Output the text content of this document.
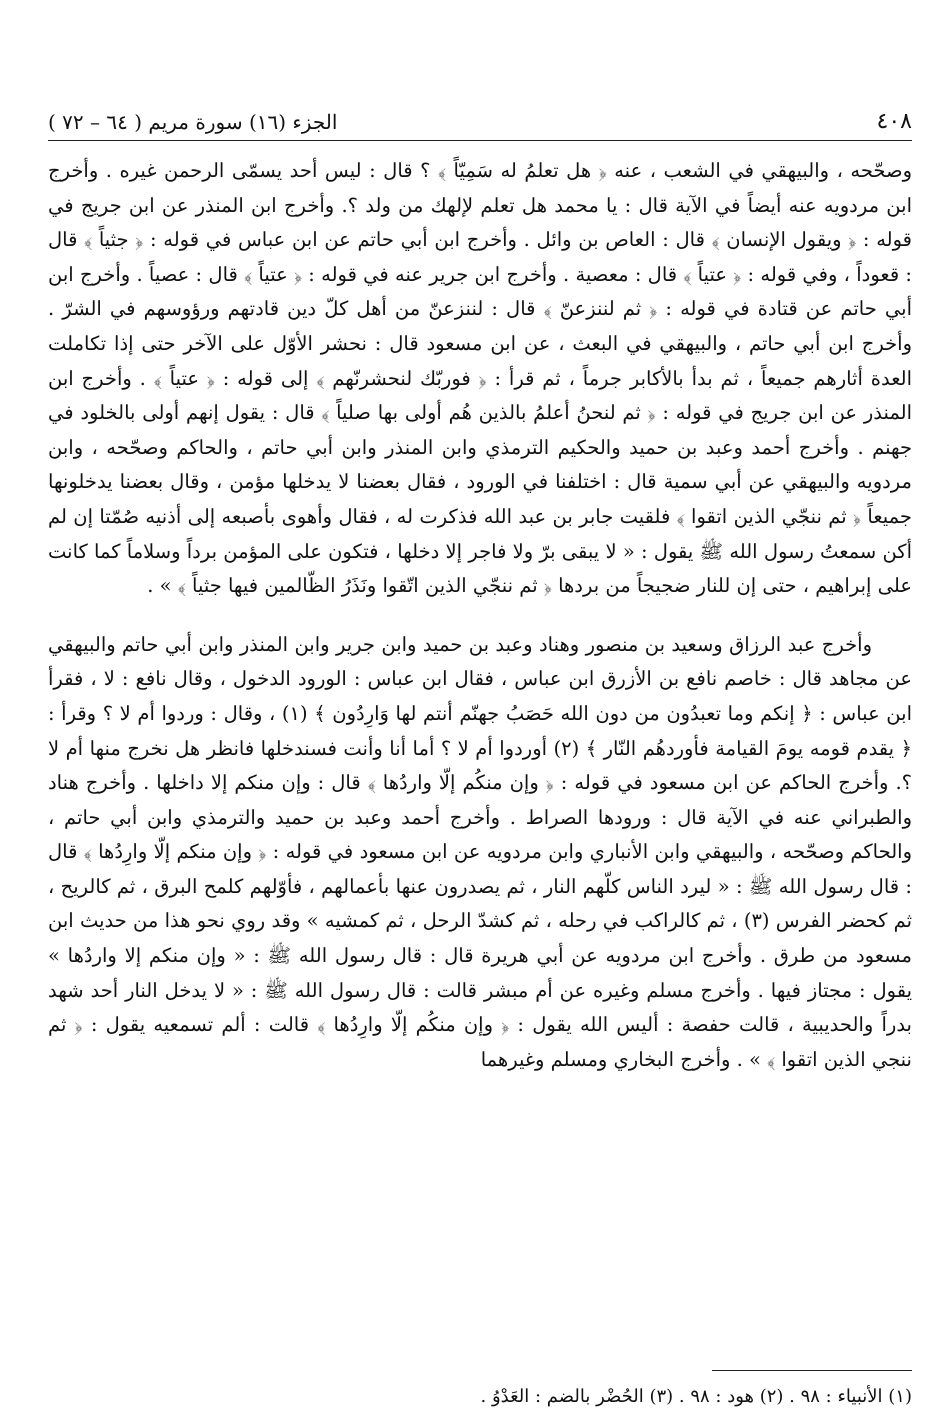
٤٠٨
الجزء (١٦) سورة مريم ( ٦٤ – ٧٢ )

وصحّحه ، والبيهقي في الشعب ، عنه ﴿ هل تعلمُ له سَمِيّاً ﴾ ؟ قال : ليس أحد يسمّى الرحمن غيره . وأخرج ابن مردويه عنه أيضاً في الآية قال : يا محمد هل تعلم لإلهك من ولد ؟. وأخرج ابن المنذر عن ابن جريج في قوله : ﴿ ويقول الإنسان ﴾ قال : العاص بن وائل . وأخرج ابن أبي حاتم عن ابن عباس في قوله : ﴿ جثياً ﴾ قال : قعوداً ، وفي قوله : ﴿ عتياً ﴾ قال : معصية . وأخرج ابن جرير عنه في قوله : ﴿ عتياً ﴾ قال : عصياً . وأخرج ابن أبي حاتم عن قتادة في قوله : ﴿ ثم لننزعنّ ﴾ قال : لننزعنّ من أهل كلّ دين قادتهم ورؤوسهم في الشرّ . وأخرج ابن أبي حاتم ، والبيهقي في البعث ، عن ابن مسعود قال : نحشر الأوّل على الآخر حتى إذا تكاملت العدة أثارهم جميعاً ، ثم بدأ بالأكابر جرماً ، ثم قرأ : ﴿ فوربّك لنحشرنّهم ﴾ إلى قوله : ﴿ عتياً ﴾ . وأخرج ابن المنذر عن ابن جريج في قوله : ﴿ ثم لنحنُ أعلمُ بالذين هُم أولى بها صلياً ﴾ قال : يقول إنهم أولى بالخلود في جهنم . وأخرج أحمد وعبد بن حميد والحكيم الترمذي وابن المنذر وابن أبي حاتم ، والحاكم وصحّحه ، وابن مردويه والبيهقي عن أبي سمية قال : اختلفنا في الورود ، فقال بعضنا لا يدخلها مؤمن ، وقال بعضنا يدخلونها جميعاً ﴿ ثم ننجّي الذين اتقوا ﴾ فلقيت جابر بن عبد الله فذكرت له ، فقال وأهوى بأصبعه إلى أذنيه صُمّتا إن لم أكن سمعتُ رسول الله ﷺ يقول : « لا يبقى برّ ولا فاجر إلا دخلها ، فتكون على المؤمن برداً وسلاماً كما كانت على إبراهيم ، حتى إن للنار ضجيجاً من بردها ﴿ ثم ننجّي الذين اتّقوا ونَذَرُ الظّالمين فيها جثياً ﴾ » .

وأخرج عبد الرزاق وسعيد بن منصور وهناد وعبد بن حميد وابن جرير وابن المنذر وابن أبي حاتم والبيهقي عن مجاهد قال : خاصم نافع بن الأزرق ابن عباس ، فقال ابن عباس : الورود الدخول ، وقال نافع : لا ، فقرأ ابن عباس : ﴿ إنكم وما تعبدُون من دون الله حَصَبُ جهنّم أنتم لها وَارِدُون ﴾ (١) ، وقال : وردوا أم لا ؟ وقرأ : ﴿ يقدم قومه يومَ القيامة فأوردهُم النّار ﴾ (٢) أوردوا أم لا ؟ أما أنا وأنت فسندخلها فانظر هل نخرج منها أم لا ؟. وأخرج الحاكم عن ابن مسعود في قوله : ﴿ وإن منكُم إلّا واردُها ﴾ قال : وإن منكم إلا داخلها . وأخرج هناد والطبراني عنه في الآية قال : ورودها الصراط . وأخرج أحمد وعبد بن حميد والترمذي وابن أبي حاتم ، والحاكم وصحّحه ، والبيهقي وابن الأنباري وابن مردويه عن ابن مسعود في قوله : ﴿ وإن منكم إلّا وارِدُها ﴾ قال : قال رسول الله ﷺ : « ليرد الناس كلّهم النار ، ثم يصدرون عنها بأعمالهم ، فأوّلهم كلمح البرق ، ثم كالريح ، ثم كحضر الفرس (٣) ، ثم كالراكب في رحله ، ثم كشدّ الرحل ، ثم كمشيه » وقد روي نحو هذا من حديث ابن مسعود من طرق . وأخرج ابن مردويه عن أبي هريرة قال : قال رسول الله ﷺ : « وإن منكم إلا واردُها » يقول : مجتاز فيها . وأخرج مسلم وغيره عن أم مبشر قالت : قال رسول الله ﷺ : « لا يدخل النار أحد شهد بدراً والحديبية ، قالت حفصة : أليس الله يقول : ﴿ وإن منكُم إلّا وارِدُها ﴾ قالت : ألم تسمعيه يقول : ﴿ ثم ننجي الذين اتقوا ﴾ » . وأخرج البخاري ومسلم وغيرهما

(١) الأنبياء : ٩٨ . (٢) هود : ٩٨ . (٣) الحُضْر بالضم : العَدْوُ .
